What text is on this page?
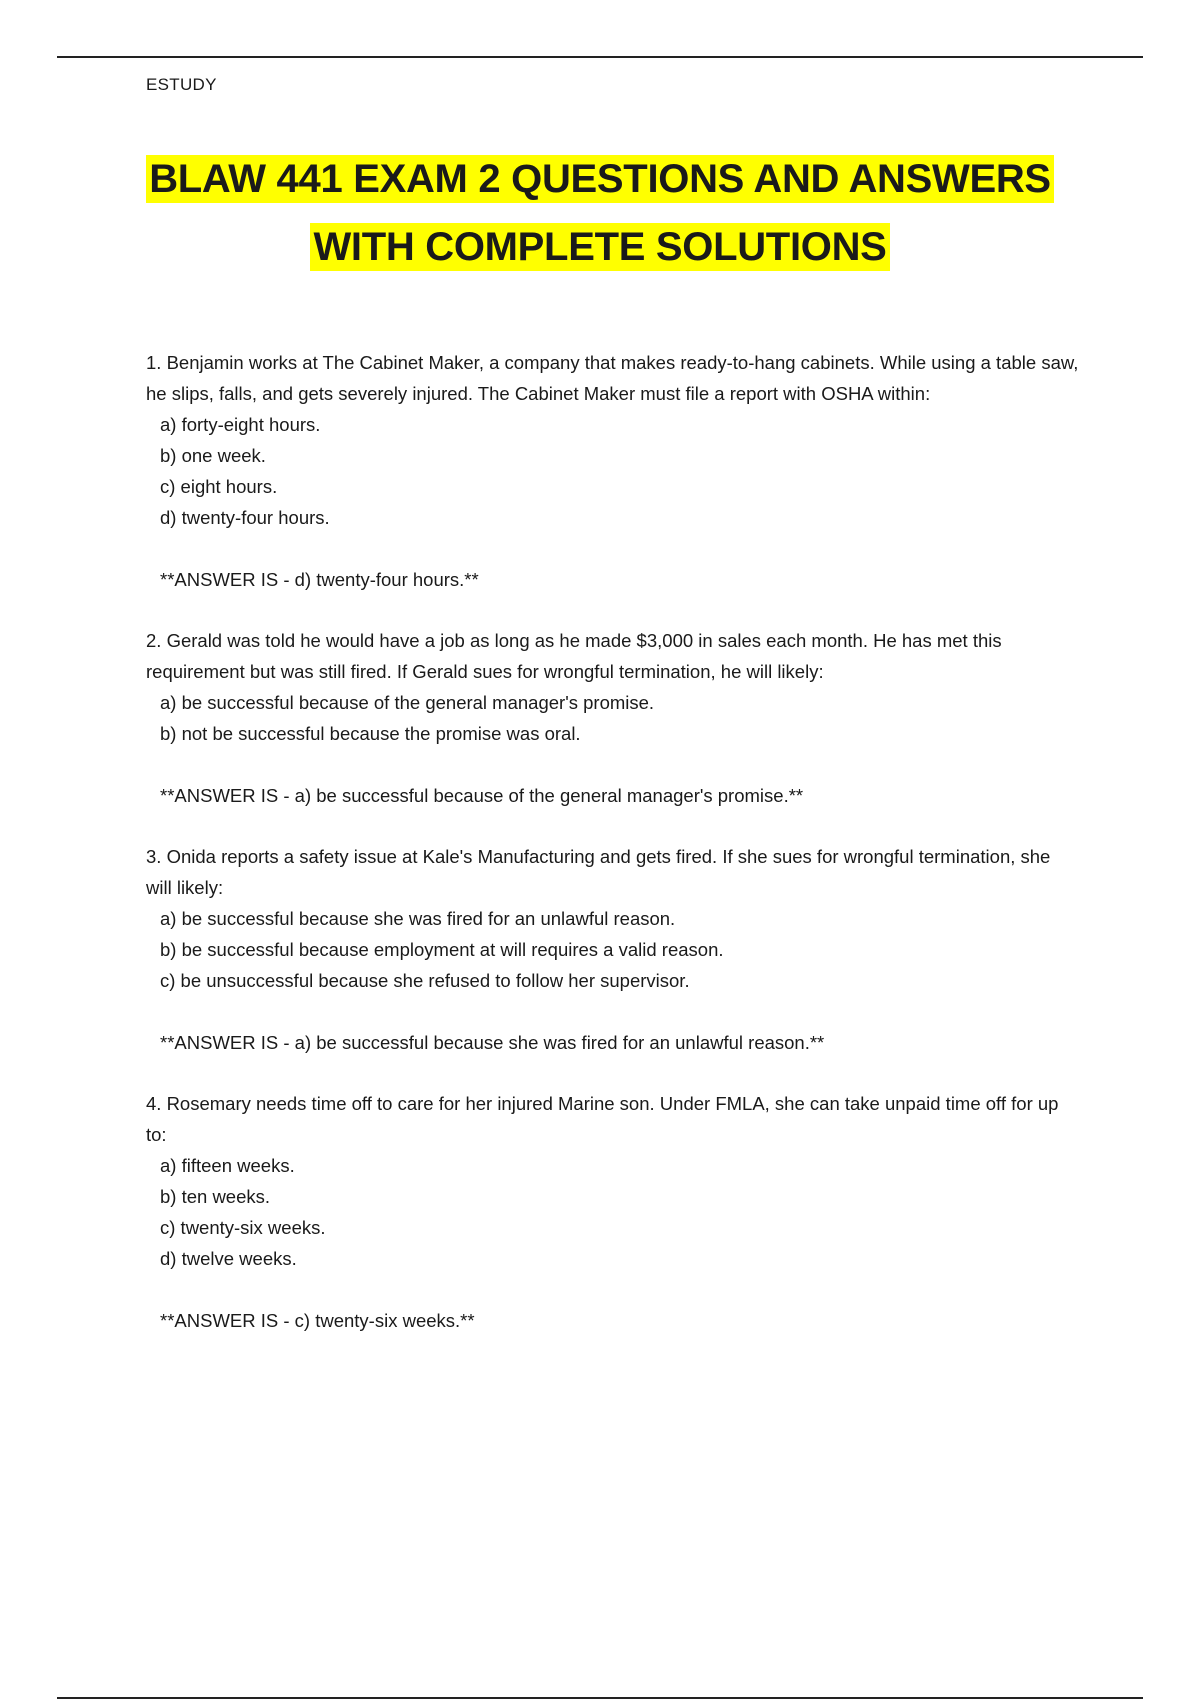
ESTUDY
BLAW 441 EXAM 2 QUESTIONS AND ANSWERS
WITH COMPLETE SOLUTIONS

1. Benjamin works at The Cabinet Maker, a company that makes ready-to-hang cabinets. While using a table saw, he slips, falls, and gets severely injured. The Cabinet Maker must file a report with OSHA within:

a) forty-eight hours.
b) one week.
c) eight hours.
d) twenty-four hours.

**ANSWER IS - d) twenty-four hours.**

2. Gerald was told he would have a job as long as he made $3,000 in sales each month. He has met this requirement but was still fired. If Gerald sues for wrongful termination, he will likely:

a) be successful because of the general manager's promise.
b) not be successful because the promise was oral.

**ANSWER IS - a) be successful because of the general manager's promise.**

3. Onida reports a safety issue at Kale's Manufacturing and gets fired. If she sues for wrongful termination, she will likely:

a) be successful because she was fired for an unlawful reason.
b) be successful because employment at will requires a valid reason.
c) be unsuccessful because she refused to follow her supervisor.

**ANSWER IS - a) be successful because she was fired for an unlawful reason.**

4. Rosemary needs time off to care for her injured Marine son. Under FMLA, she can take unpaid time off for up to:

a) fifteen weeks.
b) ten weeks.
c) twenty-six weeks.
d) twelve weeks.

**ANSWER IS - c) twenty-six weeks.**
